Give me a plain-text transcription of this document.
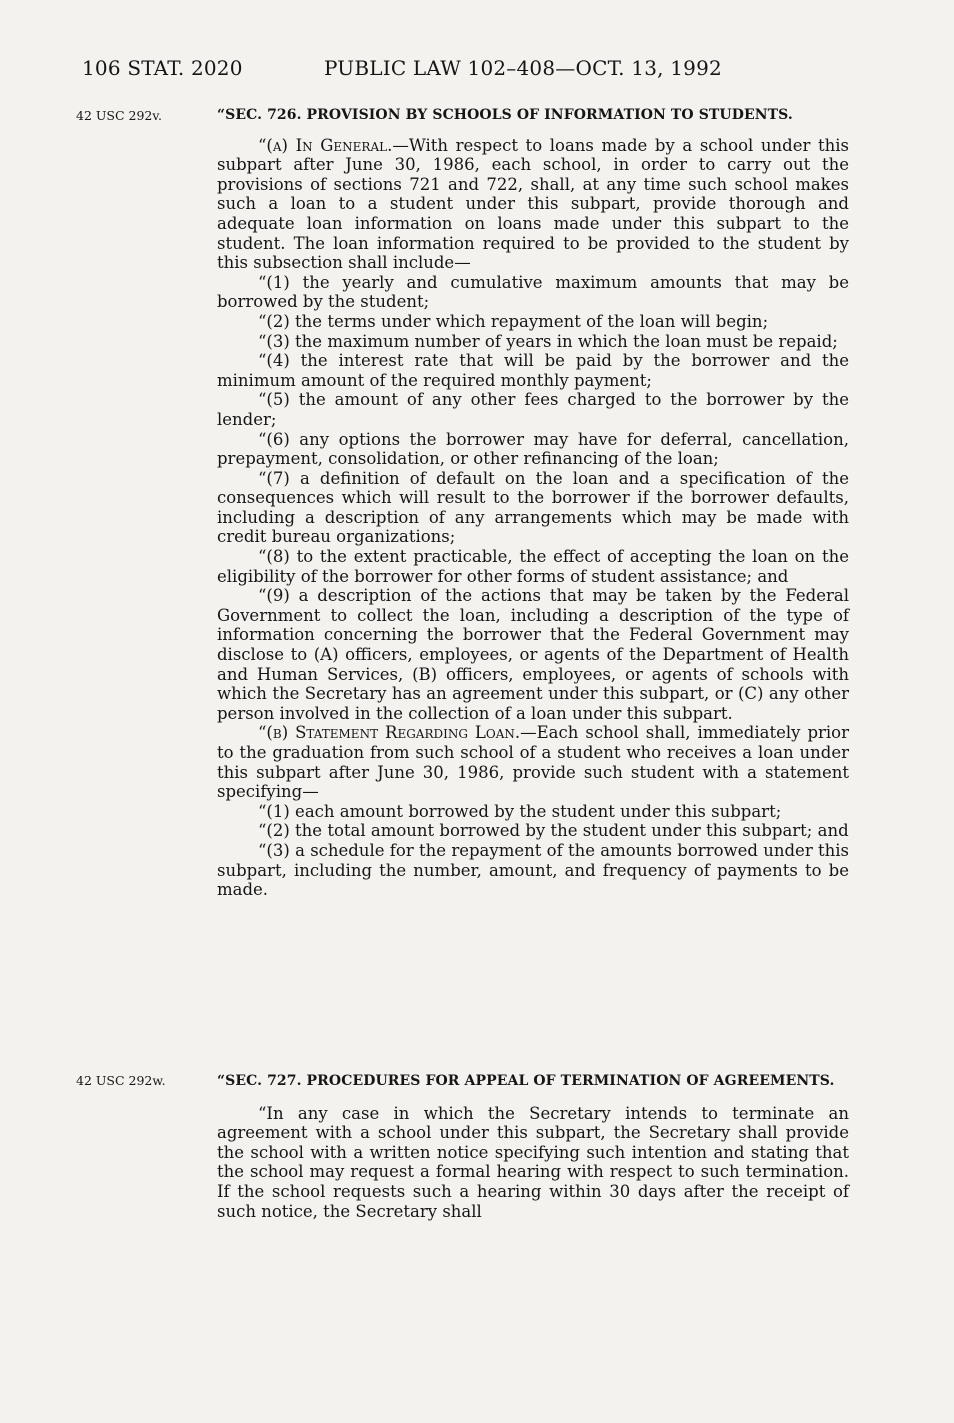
106 STAT. 2020	PUBLIC LAW 102–408—OCT. 13, 1992
42 USC 292v.
42 USC 292w.

“SEC. 726. PROVISION BY SCHOOLS OF INFORMATION TO STUDENTS.

“(a) In General.—With respect to loans made by a school under this subpart after June 30, 1986, each school, in order to carry out the provisions of sections 721 and 722, shall, at any time such school makes such a loan to a student under this subpart, provide thorough and adequate loan information on loans made under this subpart to the student. The loan information required to be provided to the student by this subsection shall include—

“(1) the yearly and cumulative maximum amounts that may be borrowed by the student;

“(2) the terms under which repayment of the loan will begin;

“(3) the maximum number of years in which the loan must be repaid;

“(4) the interest rate that will be paid by the borrower and the minimum amount of the required monthly payment;

“(5) the amount of any other fees charged to the borrower by the lender;

“(6) any options the borrower may have for deferral, cancellation, prepayment, consolidation, or other refinancing of the loan;

“(7) a definition of default on the loan and a specification of the consequences which will result to the borrower if the borrower defaults, including a description of any arrangements which may be made with credit bureau organizations;

“(8) to the extent practicable, the effect of accepting the loan on the eligibility of the borrower for other forms of student assistance; and

“(9) a description of the actions that may be taken by the Federal Government to collect the loan, including a description of the type of information concerning the borrower that the Federal Government may disclose to (A) officers, employees, or agents of the Department of Health and Human Services, (B) officers, employees, or agents of schools with which the Secretary has an agreement under this subpart, or (C) any other person involved in the collection of a loan under this subpart.

“(b) Statement Regarding Loan.—Each school shall, immediately prior to the graduation from such school of a student who receives a loan under this subpart after June 30, 1986, provide such student with a statement specifying—

“(1) each amount borrowed by the student under this subpart;

“(2) the total amount borrowed by the student under this subpart; and

“(3) a schedule for the repayment of the amounts borrowed under this subpart, including the number, amount, and frequency of payments to be made.

“SEC. 727. PROCEDURES FOR APPEAL OF TERMINATION OF AGREEMENTS.

“In any case in which the Secretary intends to terminate an agreement with a school under this subpart, the Secretary shall provide the school with a written notice specifying such intention and stating that the school may request a formal hearing with respect to such termination. If the school requests such a hearing within 30 days after the receipt of such notice, the Secretary shall
